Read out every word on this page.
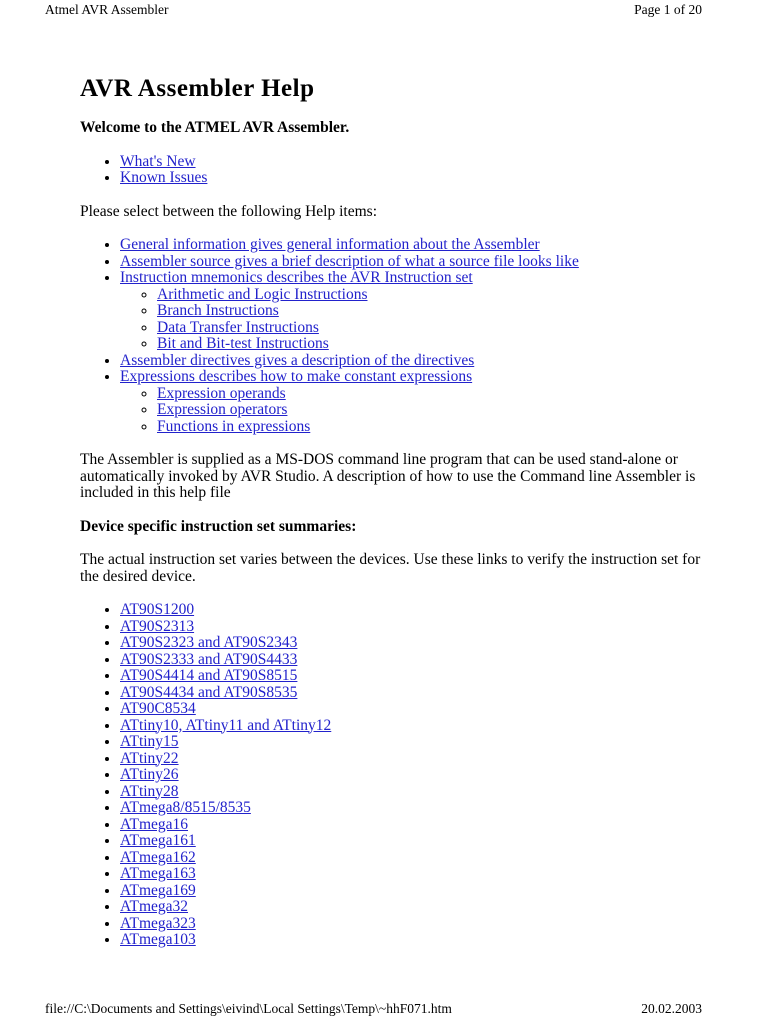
Atmel AVR Assembler	Page 1 of 20
AVR Assembler Help

Welcome to the ATMEL AVR Assembler.

• What's New
• Known Issues

Please select between the following Help items:

• General information gives general information about the Assembler
• Assembler source gives a brief description of what a source file looks like
• Instruction mnemonics describes the AVR Instruction set
◦ Arithmetic and Logic Instructions
◦ Branch Instructions
◦ Data Transfer Instructions
◦ Bit and Bit-test Instructions
• Assembler directives gives a description of the directives
• Expressions describes how to make constant expressions
◦ Expression operands
◦ Expression operators
◦ Functions in expressions

The Assembler is supplied as a MS-DOS command line program that can be used stand-alone or automatically invoked by AVR Studio. A description of how to use the Command line Assembler is included in this help file

Device specific instruction set summaries:

The actual instruction set varies between the devices. Use these links to verify the instruction set for the desired device.

• AT90S1200
• AT90S2313
• AT90S2323 and AT90S2343
• AT90S2333 and AT90S4433
• AT90S4414 and AT90S8515
• AT90S4434 and AT90S8535
• AT90C8534
• ATtiny10, ATtiny11 and ATtiny12
• ATtiny15
• ATtiny22
• ATtiny26
• ATtiny28
• ATmega8/8515/8535
• ATmega16
• ATmega161
• ATmega162
• ATmega163
• ATmega169
• ATmega32
• ATmega323
• ATmega103
file://C:\Documents and Settings\eivind\Local Settings\Temp\~hhF071.htm	20.02.2003
